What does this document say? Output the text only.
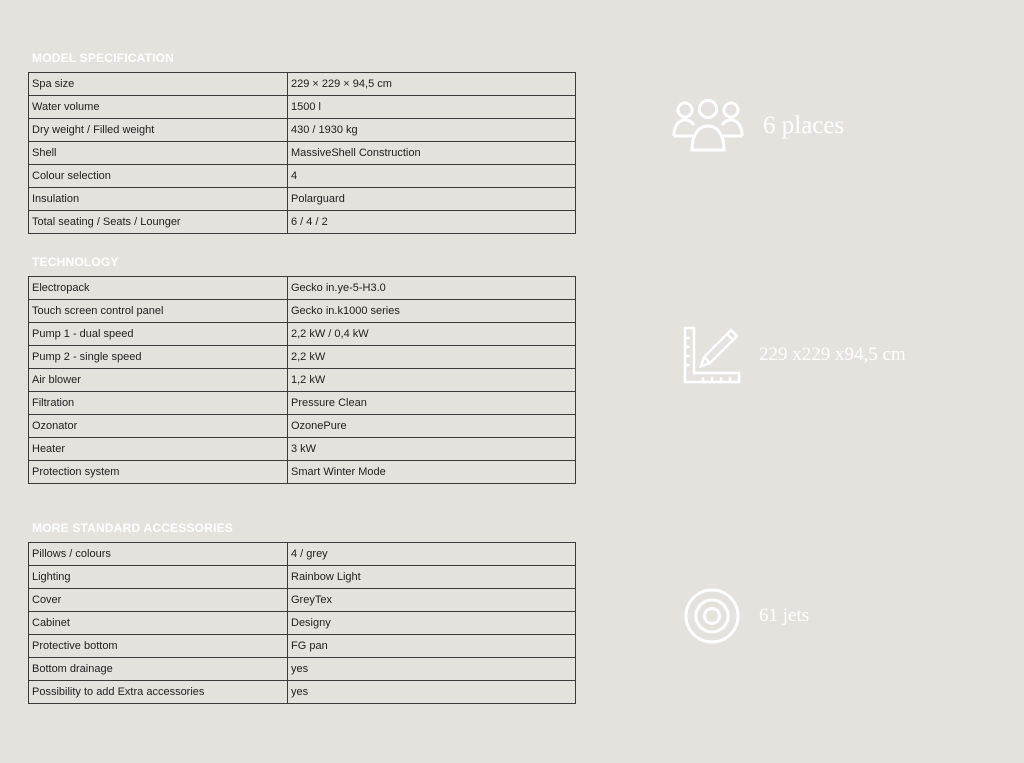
MODEL SPECIFICATION
Spa size	229 × 229 × 94,5 cm
Water volume	1500 l
Dry weight / Filled weight	430 / 1930 kg
Shell	MassiveShell Construction
Colour selection	4
Insulation	Polarguard
Total seating / Seats / Lounger	6 / 4 / 2
TECHNOLOGY
Electropack	Gecko in.ye-5-H3.0
Touch screen control panel	Gecko in.k1000 series
Pump 1 - dual speed	2,2 kW / 0,4 kW
Pump 2 - single speed	2,2 kW
Air blower	1,2 kW
Filtration	Pressure Clean
Ozonator	OzonePure
Heater	3 kW
Protection system	Smart Winter Mode
MORE STANDARD ACCESSORIES
Pillows / colours	4 / grey
Lighting	Rainbow Light
Cover	GreyTex
Cabinet	Designy
Protective bottom	FG pan
Bottom drainage	yes
Possibility to add Extra accessories	yes
6 places
229 x229 x94,5 cm
61 jets
